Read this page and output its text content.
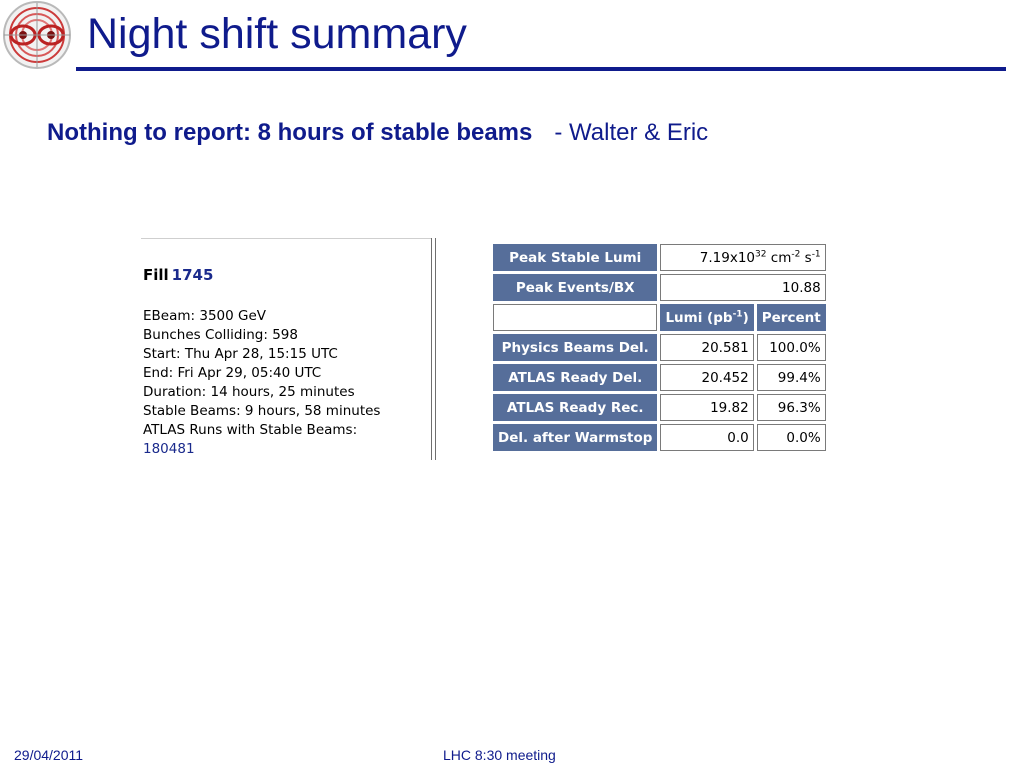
Night shift summary
Nothing to report: 8 hours of stable beams - Walter & Eric
Fill 1745
EBeam: 3500 GeV
Bunches Colliding: 598
Start: Thu Apr 28, 15:15 UTC
End: Fri Apr 29, 05:40 UTC
Duration: 14 hours, 25 minutes
Stable Beams: 9 hours, 58 minutes
ATLAS Runs with Stable Beams:
180481
Peak Stable Lumi	$7.19x10^{32}$ $cm^{-2}$ $s^{-1}$
Peak Events/BX	10.88	
	Lumi $(pb^{-1})$	Percent
Physics Beams Del.	20.581	100.0%
ATLAS Ready Del.	20.452	99.4%
ATLAS Ready Rec.	19.82	96.3%
Del. after Warmstop	0.0	0.0%
29/04/2011	LHC 8:30 meeting
